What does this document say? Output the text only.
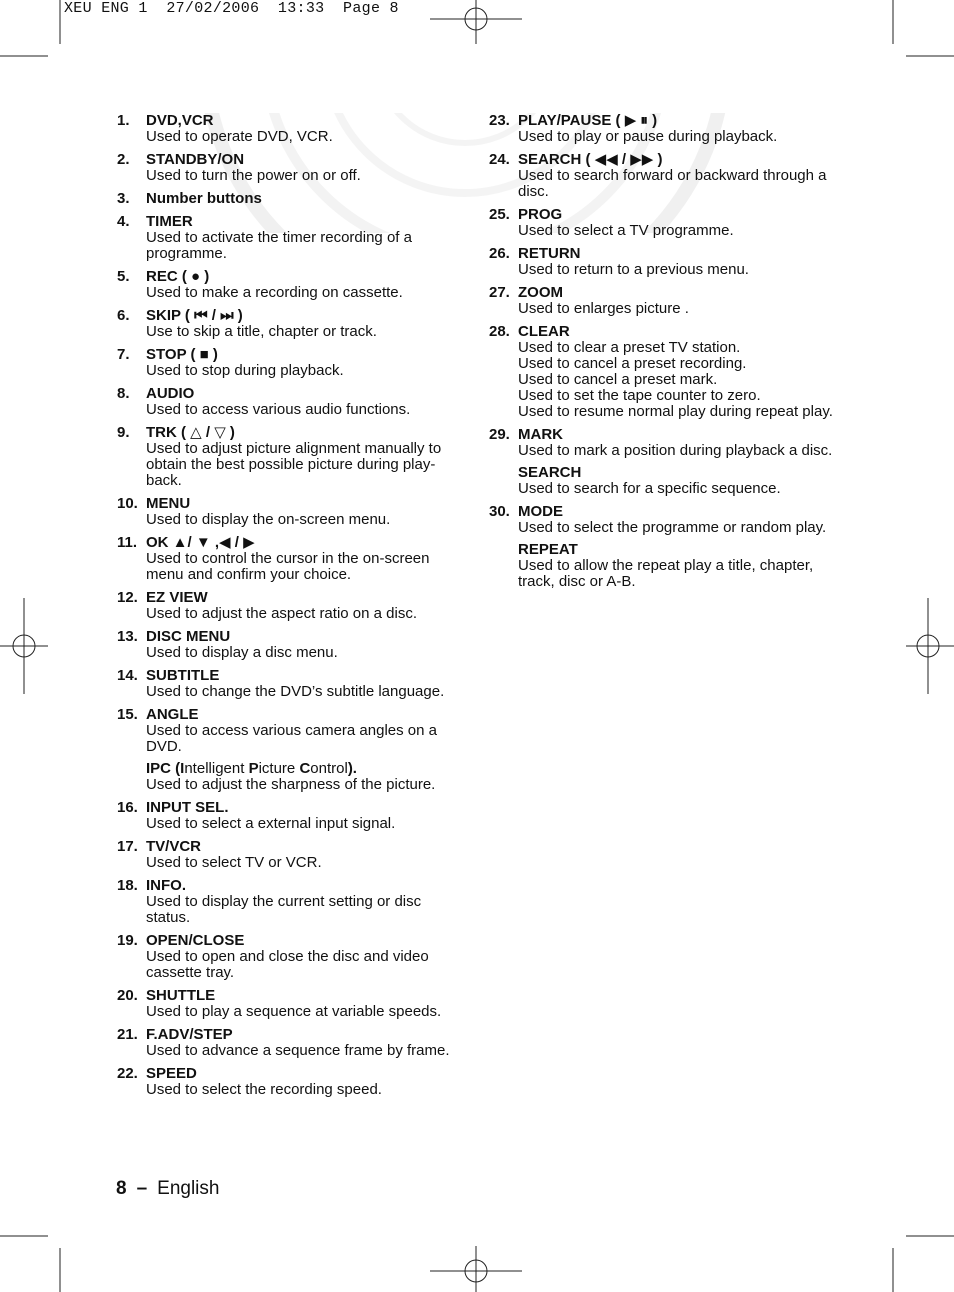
XEU ENG 1  27/02/2006  13:33  Page 8
1. DVD,VCR
Used to operate DVD, VCR.
2. STANDBY/ON
Used to turn the power on or off.
3. Number buttons
4. TIMER
Used to activate the timer recording of a programme.
5. REC ( ● )
Used to make a recording on cassette.
6. SKIP ( ⏮ / ⏭ )
Use to skip a title, chapter or track.
7. STOP ( ■ )
Used to stop during playback.
8. AUDIO
Used to access various audio functions.
9. TRK ( △ / ▽ )
Used to adjust picture alignment manually to obtain the best possible picture during play-back.
10. MENU
Used to display the on-screen menu.
11. OK ▲/ ▼ ,◀ / ▶
Used to control the cursor in the on-screen menu and confirm your choice.
12. EZ VIEW
Used to adjust the aspect ratio on a disc.
13. DISC MENU
Used to display a disc menu.
14. SUBTITLE
Used to change the DVD’s subtitle language.
15. ANGLE
Used to access various camera angles on a DVD.
IPC (Intelligent Picture Control).
Used to adjust the sharpness of the picture.
16. INPUT SEL.
Used to select a external input signal.
17. TV/VCR
Used to select TV or VCR.
18. INFO.
Used to display the current setting or disc status.
19. OPEN/CLOSE
Used to open and close the disc and video cassette tray.
20. SHUTTLE
Used to play a sequence at variable speeds.
21. F.ADV/STEP
Used to advance a sequence frame by frame.
22. SPEED
Used to select the recording speed.
23. PLAY/PAUSE ( ▶ ⏸ )
Used to play or pause during playback.
24. SEARCH ( ◀◀ / ▶▶ )
Used to search forward or backward through a disc.
25. PROG
Used to select a TV programme.
26. RETURN
Used to return to a previous menu.
27. ZOOM
Used to enlarges picture .
28. CLEAR
Used to clear a preset TV station.
Used to cancel a preset recording.
Used to cancel a preset mark.
Used to set the tape counter to zero.
Used to resume normal play during repeat play.
29. MARK
Used to mark a position during playback a disc.
SEARCH
Used to search for a specific sequence.
30. MODE
Used to select the programme or random play.
REPEAT
Used to allow the repeat play a title, chapter, track, disc or A-B.
8 – English
